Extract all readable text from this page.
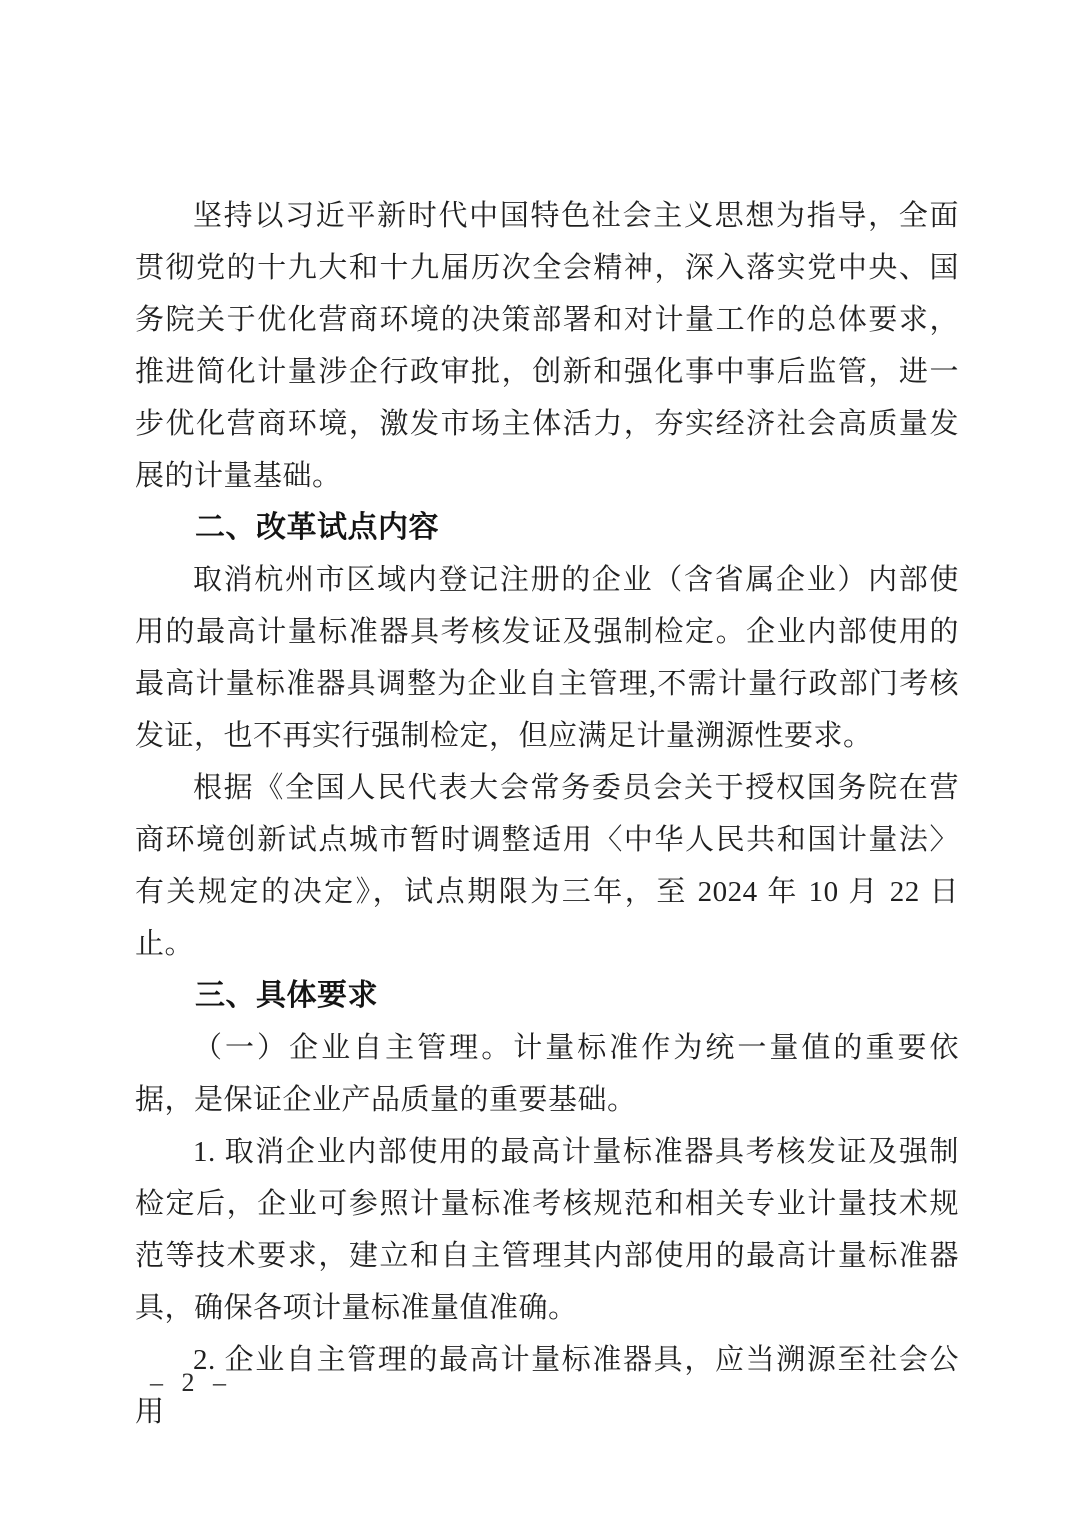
坚持以习近平新时代中国特色社会主义思想为指导，全面贯彻党的十九大和十九届历次全会精神，深入落实党中央、国务院关于优化营商环境的决策部署和对计量工作的总体要求，推进简化计量涉企行政审批，创新和强化事中事后监管，进一步优化营商环境，激发市场主体活力，夯实经济社会高质量发展的计量基础。

二、改革试点内容

取消杭州市区域内登记注册的企业（含省属企业）内部使用的最高计量标准器具考核发证及强制检定。企业内部使用的最高计量标准器具调整为企业自主管理,不需计量行政部门考核发证，也不再实行强制检定，但应满足计量溯源性要求。

根据《全国人民代表大会常务委员会关于授权国务院在营商环境创新试点城市暂时调整适用〈中华人民共和国计量法〉有关规定的决定》，试点期限为三年，至 2024 年 10 月 22 日止。

三、具体要求

（一）企业自主管理。计量标准作为统一量值的重要依据，是保证企业产品质量的重要基础。

1. 取消企业内部使用的最高计量标准器具考核发证及强制检定后，企业可参照计量标准考核规范和相关专业计量技术规范等技术要求，建立和自主管理其内部使用的最高计量标准器具，确保各项计量标准量值准确。

2. 企业自主管理的最高计量标准器具，应当溯源至社会公用

– 2 –
